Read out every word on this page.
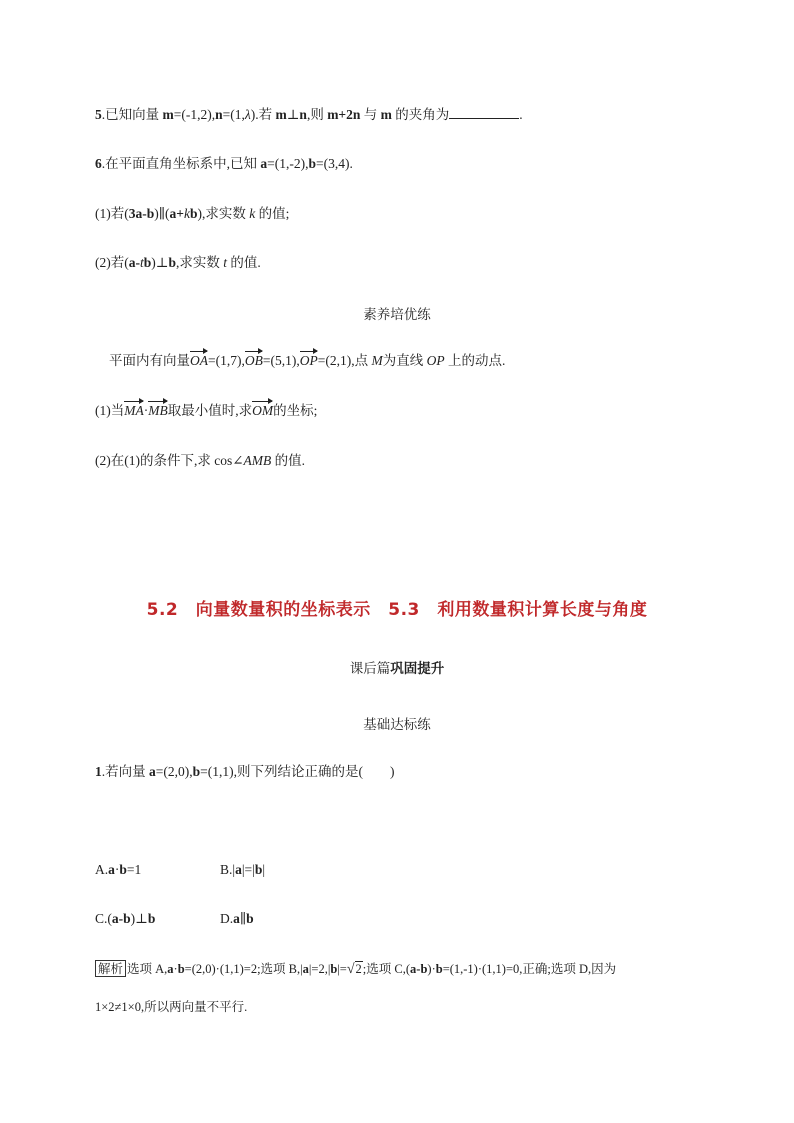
5.已知向量 m=(-1,2),n=(1,λ).若 m⊥n,则 m+2n 与 m 的夹角为	.
6.在平面直角坐标系中,已知 a=(1,-2),b=(3,4).
(1)若(3a-b)∥(a+kb),求实数 k 的值;
(2)若(a-tb)⊥b,求实数 t 的值.
素养培优练
平面内有向量OA=(1,7),OB=(5,1),OP=(2,1),点 M为直线 OP 上的动点.
(1)当MA·MB取最小值时,求OM的坐标;
(2)在(1)的条件下,求 cos∠AMB 的值.
5.2　向量数量积的坐标表示　 5.3　利用数量积计算长度与角度
课后篇巩固提升
基础达标练
1.若向量 a=(2,0),b=(1,1),则下列结论正确的是(　　)
A.a·b=1	B.|a|=|b|
C.(a-b)⊥b	D.a∥b
解析 选项 A,a·b=(2,0)·(1,1)=2;选项 B,|a|=2,|b|=√2;选项 C,(a-b)·b=(1,-1)·(1,1)=0,正确;选项 D,因为
1×2≠1×0,所以两向量不平行.
